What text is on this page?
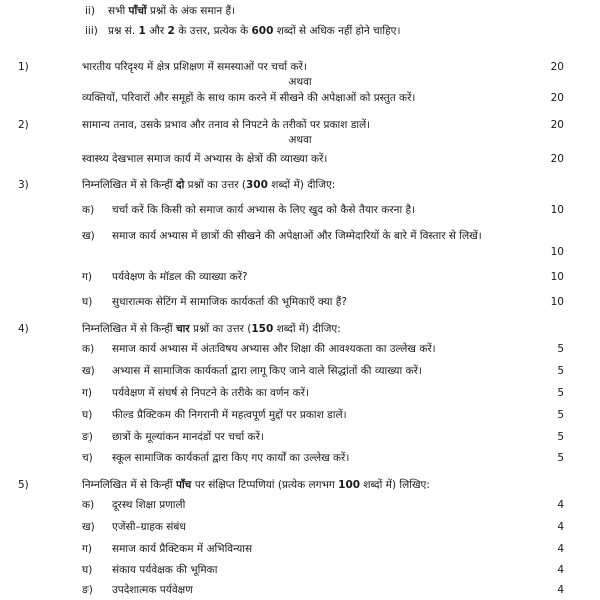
ii) सभी पाँचों प्रश्नों के अंक समान हैं।
iii) प्रश्न सं. 1 और 2 के उत्तर, प्रत्येक के 600 शब्दों से अधिक नहीं होने चाहिए।
1)	भारतीय परिदृश्य में क्षेत्र प्रशिक्षण में समस्याओं पर चर्चा करें।	20
अथवा
व्यक्तियों, परिवारों और समूहों के साथ काम करने में सीखने की अपेक्षाओं को प्रस्तुत करें।	20
2)	सामान्य तनाव, उसके प्रभाव और तनाव से निपटने के तरीकों पर प्रकाश डालें।	20
अथवा
स्वास्थ्य देखभाल समाज कार्य में अभ्यास के क्षेत्रों की व्याख्या करें।	20
3)	निम्नलिखित में से किन्हीं दो प्रश्नों का उत्तर (300 शब्दों में) दीजिए:
क) चर्चा करें कि किसी को समाज कार्य अभ्यास के लिए खुद को कैसे तैयार करना है।	10
ख) समाज कार्य अभ्यास में छात्रों की सीखने की अपेक्षाओं और जिम्मेदारियों के बारे में विस्तार से लिखें।
10
ग) पर्यवेक्षण के मॉडल की व्याख्या करें?	10
घ) सुधारात्मक सेटिंग में सामाजिक कार्यकर्ता की भूमिकाएँ क्या हैं?	10
4)	निम्नलिखित में से किन्हीं चार प्रश्नों का उत्तर (150 शब्दों में) दीजिए:
क) समाज कार्य अभ्यास में अंतःविषय अभ्यास और शिक्षा की आवश्यकता का उल्लेख करें।	5
ख) अभ्यास में सामाजिक कार्यकर्ता द्वारा लागू किए जाने वाले सिद्धांतों की व्याख्या करें।	5
ग) पर्यवेक्षण में संघर्ष से निपटने के तरीके का वर्णन करें।	5
घ) फील्ड प्रैक्टिकम की निगरानी में महत्वपूर्ण मुद्दों पर प्रकाश डालें।	5
ङ) छात्रों के मूल्यांकन मानदंडों पर चर्चा करें।	5
च) स्कूल सामाजिक कार्यकर्ता द्वारा किए गए कार्यों का उल्लेख करें।	5
5)	निम्नलिखित में से किन्हीं पाँच पर संक्षिप्त टिप्पणियां (प्रत्येक लगभग 100 शब्दों में) लिखिए:
क) दूरस्थ शिक्षा प्रणाली	4
ख) एजेंसी–ग्राहक संबंध	4
ग) समाज कार्य प्रैक्टिकम में अभिविन्यास	4
घ) संकाय पर्यवेक्षक की भूमिका	4
ङ) उपदेशात्मक पर्यवेक्षण	4
